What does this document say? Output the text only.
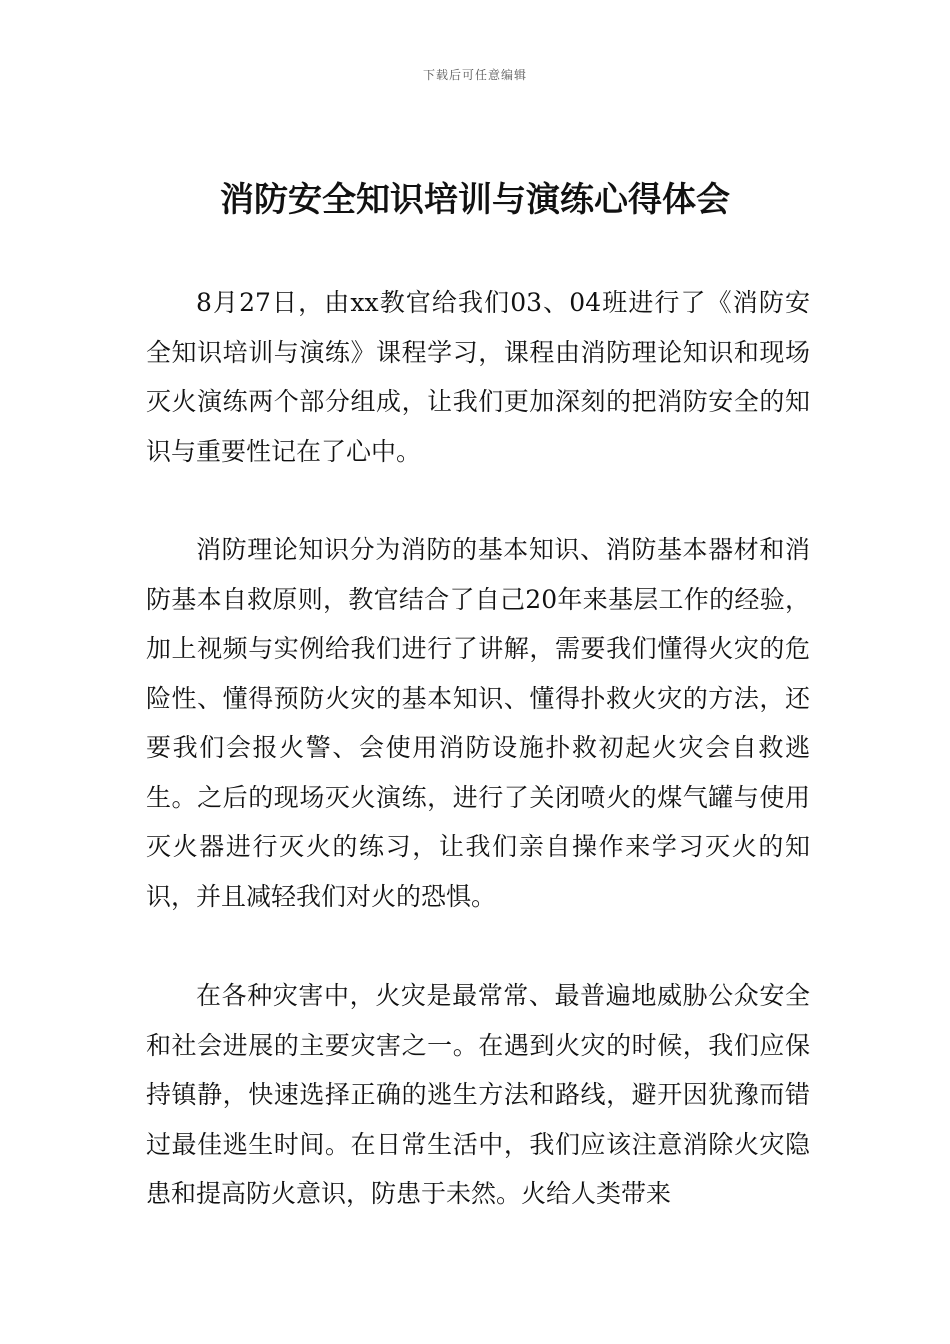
下载后可任意编辑
消防安全知识培训与演练心得体会

8月27日，由xx教官给我们03、04班进行了《消防安全知识培训与演练》课程学习，课程由消防理论知识和现场灭火演练两个部分组成，让我们更加深刻的把消防安全的知识与重要性记在了心中。

消防理论知识分为消防的基本知识、消防基本器材和消防基本自救原则，教官结合了自己20年来基层工作的经验，加上视频与实例给我们进行了讲解，需要我们懂得火灾的危险性、懂得预防火灾的基本知识、懂得扑救火灾的方法，还要我们会报火警、会使用消防设施扑救初起火灾会自救逃生。之后的现场灭火演练，进行了关闭喷火的煤气罐与使用灭火器进行灭火的练习，让我们亲自操作来学习灭火的知识，并且减轻我们对火的恐惧。

在各种灾害中，火灾是最常常、最普遍地威胁公众安全和社会进展的主要灾害之一。在遇到火灾的时候，我们应保持镇静，快速选择正确的逃生方法和路线，避开因犹豫而错过最佳逃生时间。在日常生活中，我们应该注意消除火灾隐患和提高防火意识，防患于未然。火给人类带来
